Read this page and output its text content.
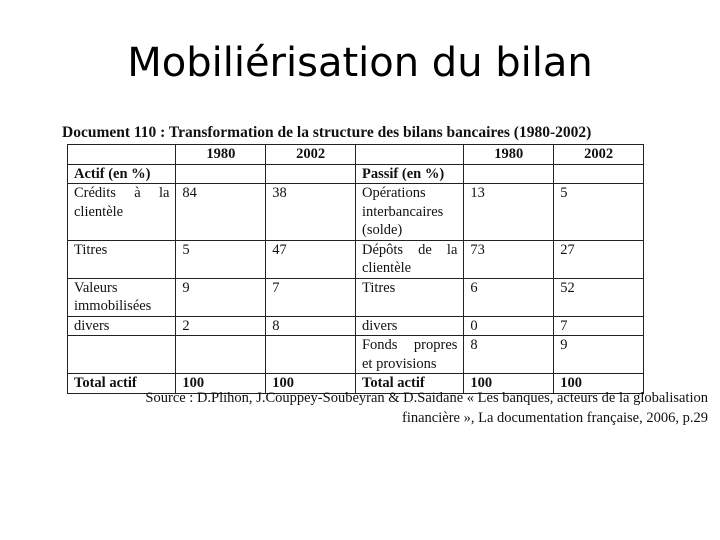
Mobiliérisation du bilan
Document 110 : Transformation de la structure des bilans bancaires (1980-2002)
	1980	2002		1980	2002
Actif (en %)			Passif (en %)		
Crédits à la clientèle	84	38	Opérations interbancaires (solde)	13	5
Titres	5	47	Dépôts de la clientèle	73	27
Valeurs immobilisées	9	7	Titres	6	52
divers	2	8	divers	0	7
			Fonds propres et provisions	8	9
Total actif	100	100	Total actif	100	100
Source : D.Plihon, J.Couppey-Soubeyran & D.Saidane « Les banques, acteurs de la globalisation
financière », La documentation française, 2006, p.29
